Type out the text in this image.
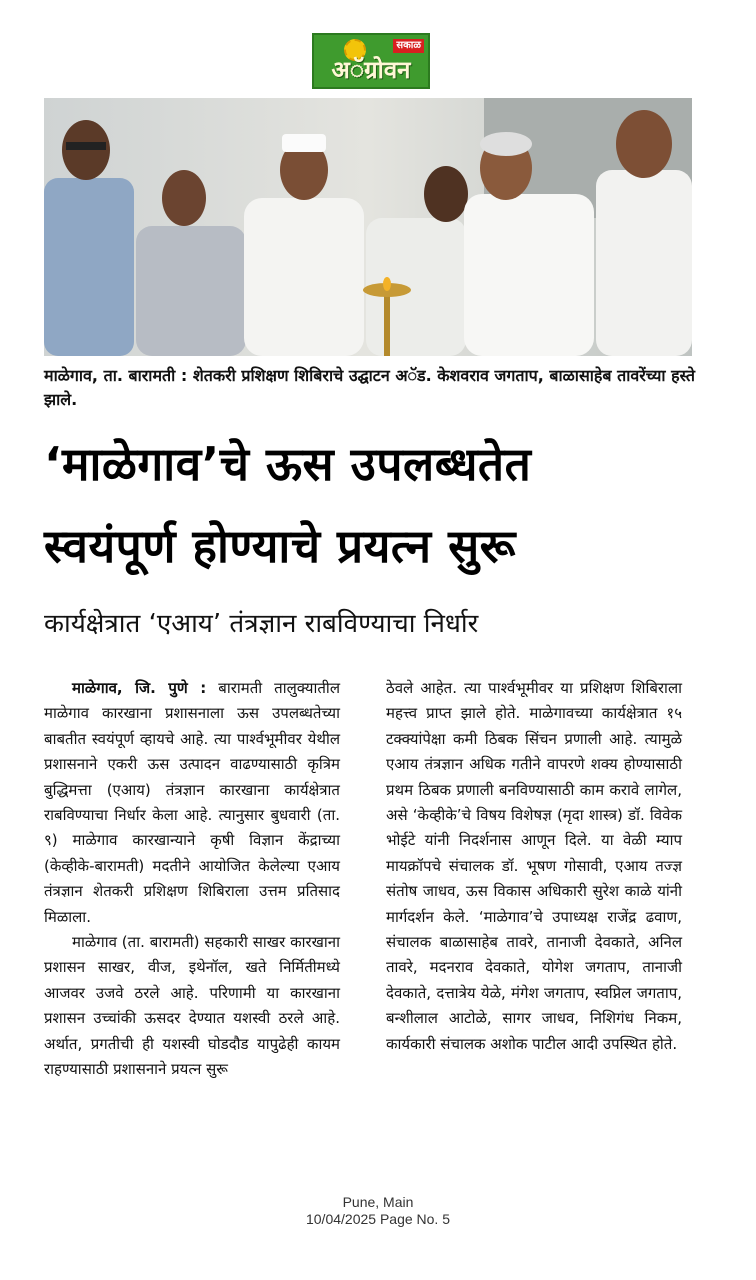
सकाळ
अॅग्रोवन
माळेगाव, ता. बारामती : शेतकरी प्रशिक्षण शिबिराचे उद्घाटन अॅड. केशवराव जगताप, बाळासाहेब तावरेंच्या हस्ते झाले.
‘माळेगाव’चे ऊस उपलब्धतेत
स्वयंपूर्ण होण्याचे प्रयत्न सुरू
कार्यक्षेत्रात ‘एआय’ तंत्रज्ञान राबविण्याचा निर्धार

माळेगाव, जि. पुणे : बारामती तालुक्यातील माळेगाव कारखाना प्रशासनाला ऊस उपलब्धतेच्या बाबतीत स्वयंपूर्ण व्हायचे आहे. त्या पार्श्वभूमीवर येथील प्रशासनाने एकरी ऊस उत्पादन वाढण्यासाठी कृत्रिम बुद्धिमत्ता (एआय) तंत्रज्ञान कारखाना कार्यक्षेत्रात राबविण्याचा निर्धार केला आहे. त्यानुसार बुधवारी (ता. ९) माळेगाव कारखान्याने कृषी विज्ञान केंद्राच्या (केव्हीके-बारामती) मदतीने आयोजित केलेल्या एआय तंत्रज्ञान शेतकरी प्रशिक्षण शिबिराला उत्तम प्रतिसाद मिळाला.

माळेगाव (ता. बारामती) सहकारी साखर कारखाना प्रशासन साखर, वीज, इथेनॉल, खते निर्मितीमध्ये आजवर उजवे ठरले आहे. परिणामी या कारखाना प्रशासन उच्चांकी ऊसदर देण्यात यशस्वी ठरले आहे. अर्थात, प्रगतीची ही यशस्वी घोडदौड यापुढेही कायम राहण्यासाठी प्रशासनाने प्रयत्न सुरू

ठेवले आहेत. त्या पार्श्वभूमीवर या प्रशिक्षण शिबिराला महत्त्व प्राप्त झाले होते. माळेगावच्या कार्यक्षेत्रात १५ टक्क्यांपेक्षा कमी ठिबक सिंचन प्रणाली आहे. त्यामुळे एआय तंत्रज्ञान अधिक गतीने वापरणे शक्य होण्यासाठी प्रथम ठिबक प्रणाली बनविण्यासाठी काम करावे लागेल, असे ‘केव्हीके’चे विषय विशेषज्ञ (मृदा शास्त्र) डॉ. विवेक भोईटे यांनी निदर्शनास आणून दिले. या वेळी म्याप मायक्रॉपचे संचालक डॉ. भूषण गोसावी, एआय तज्ज्ञ संतोष जाधव, ऊस विकास अधिकारी सुरेश काळे यांनी मार्गदर्शन केले. ‘माळेगाव’चे उपाध्यक्ष राजेंद्र ढवाण, संचालक बाळासाहेब तावरे, तानाजी देवकाते, अनिल तावरे, मदनराव देवकाते, योगेश जगताप, तानाजी देवकाते, दत्तात्रेय येळे, मंगेश जगताप, स्वप्निल जगताप, बन्शीलाल आटोळे, सागर जाधव, निशिगंध निकम, कार्यकारी संचालक अशोक पाटील आदी उपस्थित होते.

Pune, Main
10/04/2025 Page No. 5
